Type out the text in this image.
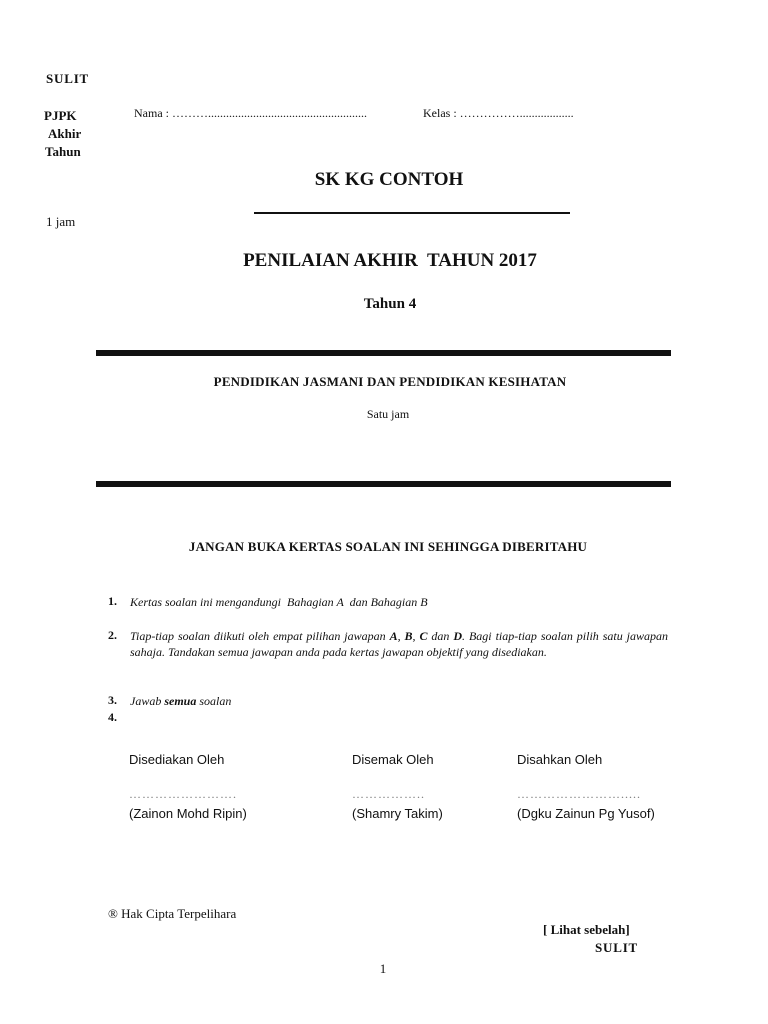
SULIT
PJPK
Akhir
Tahun
1 jam
Nama : ……….....................................................	Kelas : ……………..................
SK KG CONTOH
PENILAIAN AKHIR  TAHUN 2017
Tahun 4
PENDIDIKAN JASMANI DAN PENDIDIKAN KESIHATAN
Satu jam
JANGAN BUKA KERTAS SOALAN INI SEHINGGA DIBERITAHU
1. Kertas soalan ini mengandungi  Bahagian A  dan Bahagian B
2. Tiap-tiap soalan diikuti oleh empat pilihan jawapan A, B, C dan D. Bagi tiap-tiap soalan pilih satu jawapan sahaja. Tandakan semua jawapan anda pada kertas jawapan objektif yang disediakan.
3. Jawab semua soalan
4.
Disediakan Oleh	Disemak Oleh	Disahkan Oleh
…………………….	……………..	…………………….....
(Zainon Mohd Ripin)	(Shamry Takim)	(Dgku Zainun Pg Yusof)
® Hak Cipta Terpelihara
[ Lihat sebelah]
SULIT
1
